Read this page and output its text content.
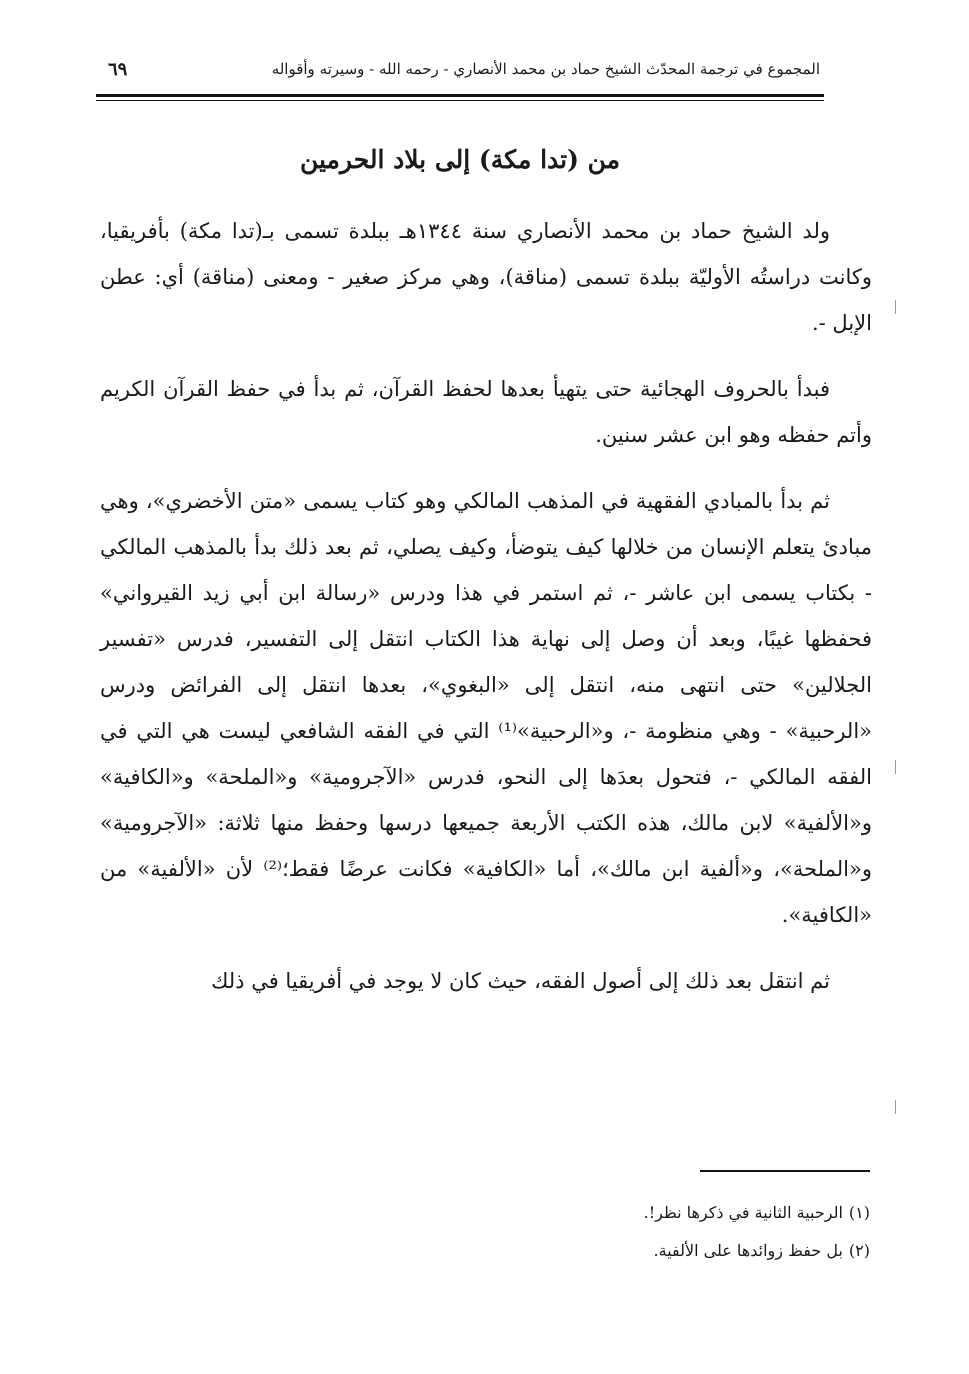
المجموع في ترجمة المحدّث الشيخ حماد بن محمد الأنصاري - رحمه الله - وسيرته وأقواله
٦٩
من (تدا مكة) إلى بلاد الحرمين

ولد الشيخ حماد بن محمد الأنصاري سنة ١٣٤٤هـ ببلدة تسمى بـ(تدا مكة) بأفريقيا، وكانت دراستُه الأوليّة ببلدة تسمى (مناقة)، وهي مركز صغير - ومعنى (مناقة) أي: عطن الإبل -.

فبدأ بالحروف الهجائية حتى يتهيأ بعدها لحفظ القرآن، ثم بدأ في حفظ القرآن الكريم وأتم حفظه وهو ابن عشر سنين.

ثم بدأ بالمبادي الفقهية في المذهب المالكي وهو كتاب يسمى «متن الأخضري»، وهي مبادئ يتعلم الإنسان من خلالها كيف يتوضأ، وكيف يصلي، ثم بعد ذلك بدأ بالمذهب المالكي - بكتاب يسمى ابن عاشر -، ثم استمر في هذا ودرس «رسالة ابن أبي زيد القيرواني» فحفظها غيبًا، وبعد أن وصل إلى نهاية هذا الكتاب انتقل إلى التفسير، فدرس «تفسير الجلالين» حتى انتهى منه، انتقل إلى «البغوي»، بعدها انتقل إلى الفرائض ودرس «الرحبية» - وهي منظومة -، و«الرحبية»⁽¹⁾ التي في الفقه الشافعي ليست هي التي في الفقه المالكي -، فتحول بعدَها إلى النحو، فدرس «الآجرومية» و«الملحة» و«الكافية» و«الألفية» لابن مالك، هذه الكتب الأربعة جميعها درسها وحفظ منها ثلاثة: «الآجرومية» و«الملحة»، و«ألفية ابن مالك»، أما «الكافية» فكانت عرضًا فقط؛⁽²⁾ لأن «الألفية» من «الكافية».

ثم انتقل بعد ذلك إلى أصول الفقه، حيث كان لا يوجد في أفريقيا في ذلك

(١)الرحبية الثانية في ذكرها نظر!.

(٢)بل حفظ زوائدها على الألفية.
